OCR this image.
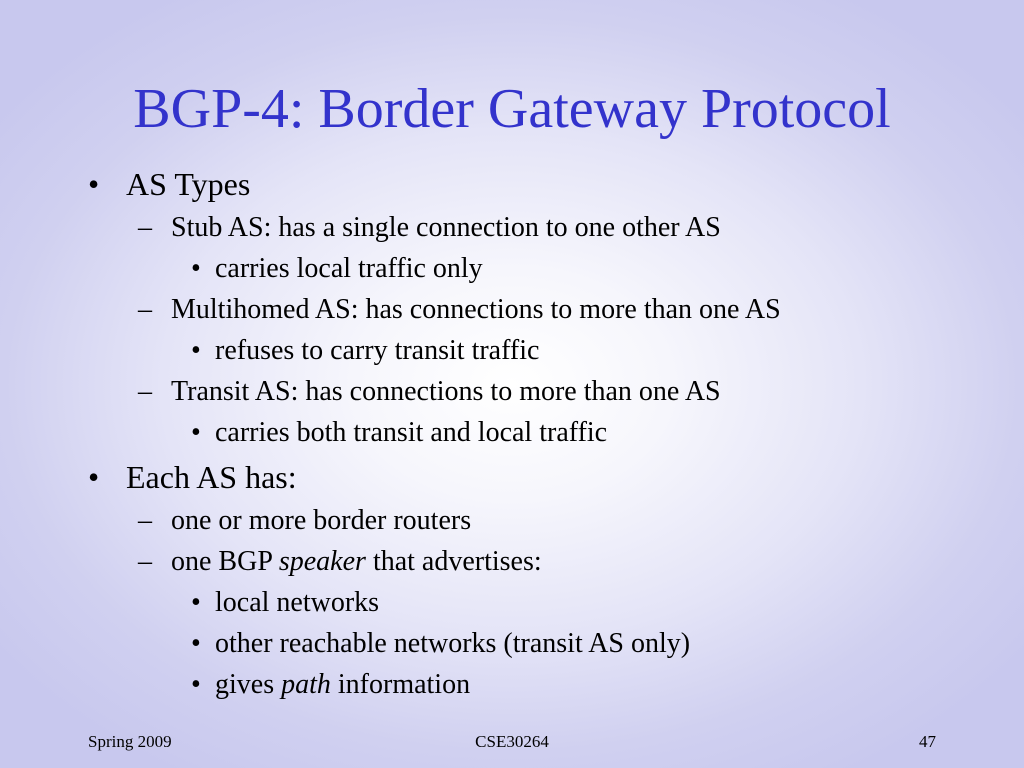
BGP-4: Border Gateway Protocol
• AS Types
– Stub AS: has a single connection to one other AS
• carries local traffic only
– Multihomed AS: has connections to more than one AS
• refuses to carry transit traffic
– Transit AS: has connections to more than one AS
• carries both transit and local traffic
• Each AS has:
– one or more border routers
– one BGP speaker that advertises:
• local networks
• other reachable networks (transit AS only)
• gives path information
Spring 2009	CSE30264	47
